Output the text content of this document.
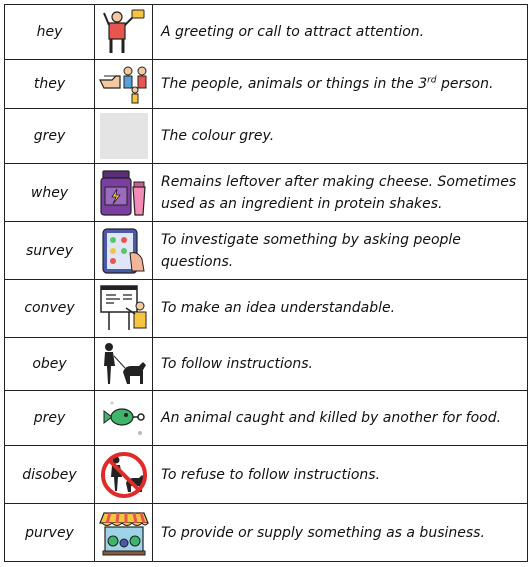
hey		A greeting or call to attract attention.
they		The people, animals or things in the 3rd person.
grey		The colour grey.
whey		Remains leftover after making cheese. Sometimes used as an ingredient in protein shakes.
survey		To investigate something by asking people questions.
convey		To make an idea understandable.
obey		To follow instructions.
prey		An animal caught and killed by another for food.
disobey		To refuse to follow instructions.
purvey		To provide or supply something as a business.
